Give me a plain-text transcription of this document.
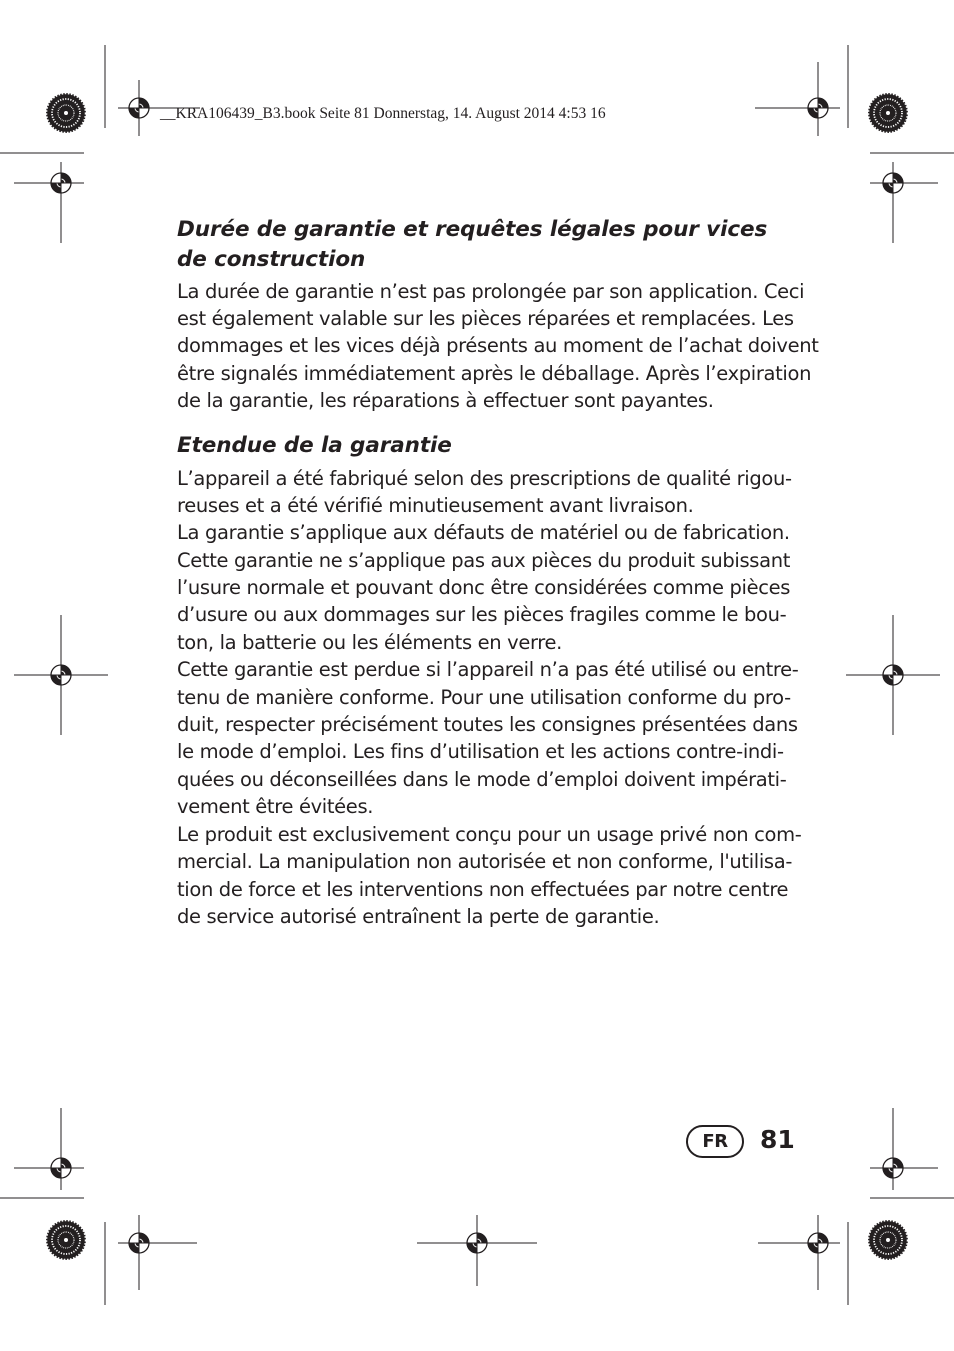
__KRA106439_B3.book Seite 81 Donnerstag, 14. August 2014 4:53 16
Durée de garantie et requêtes légales pour vices
de construction
La durée de garantie n’est pas prolongée par son application. Ceci
est également valable sur les pièces réparées et remplacées. Les
dommages et les vices déjà présents au moment de l’achat doivent
être signalés immédiatement après le déballage. Après l’expiration
de la garantie, les réparations à effectuer sont payantes.
Etendue de la garantie
L’appareil a été fabriqué selon des prescriptions de qualité rigou-
reuses et a été vérifié minutieusement avant livraison.
La garantie s’applique aux défauts de matériel ou de fabrication.
Cette garantie ne s’applique pas aux pièces du produit subissant
l’usure normale et pouvant donc être considérées comme pièces
d’usure ou aux dommages sur les pièces fragiles comme le bou-
ton, la batterie ou les éléments en verre.
Cette garantie est perdue si l’appareil n’a pas été utilisé ou entre-
tenu de manière conforme. Pour une utilisation conforme du pro-
duit, respecter précisément toutes les consignes présentées dans
le mode d’emploi. Les fins d’utilisation et les actions contre-indi-
quées ou déconseillées dans le mode d’emploi doivent impérati-
vement être évitées.
Le produit est exclusivement conçu pour un usage privé non com-
mercial. La manipulation non autorisée et non conforme, l'utilisa-
tion de force et les interventions non effectuées par notre centre
de service autorisé entraînent la perte de garantie.
FR	81
